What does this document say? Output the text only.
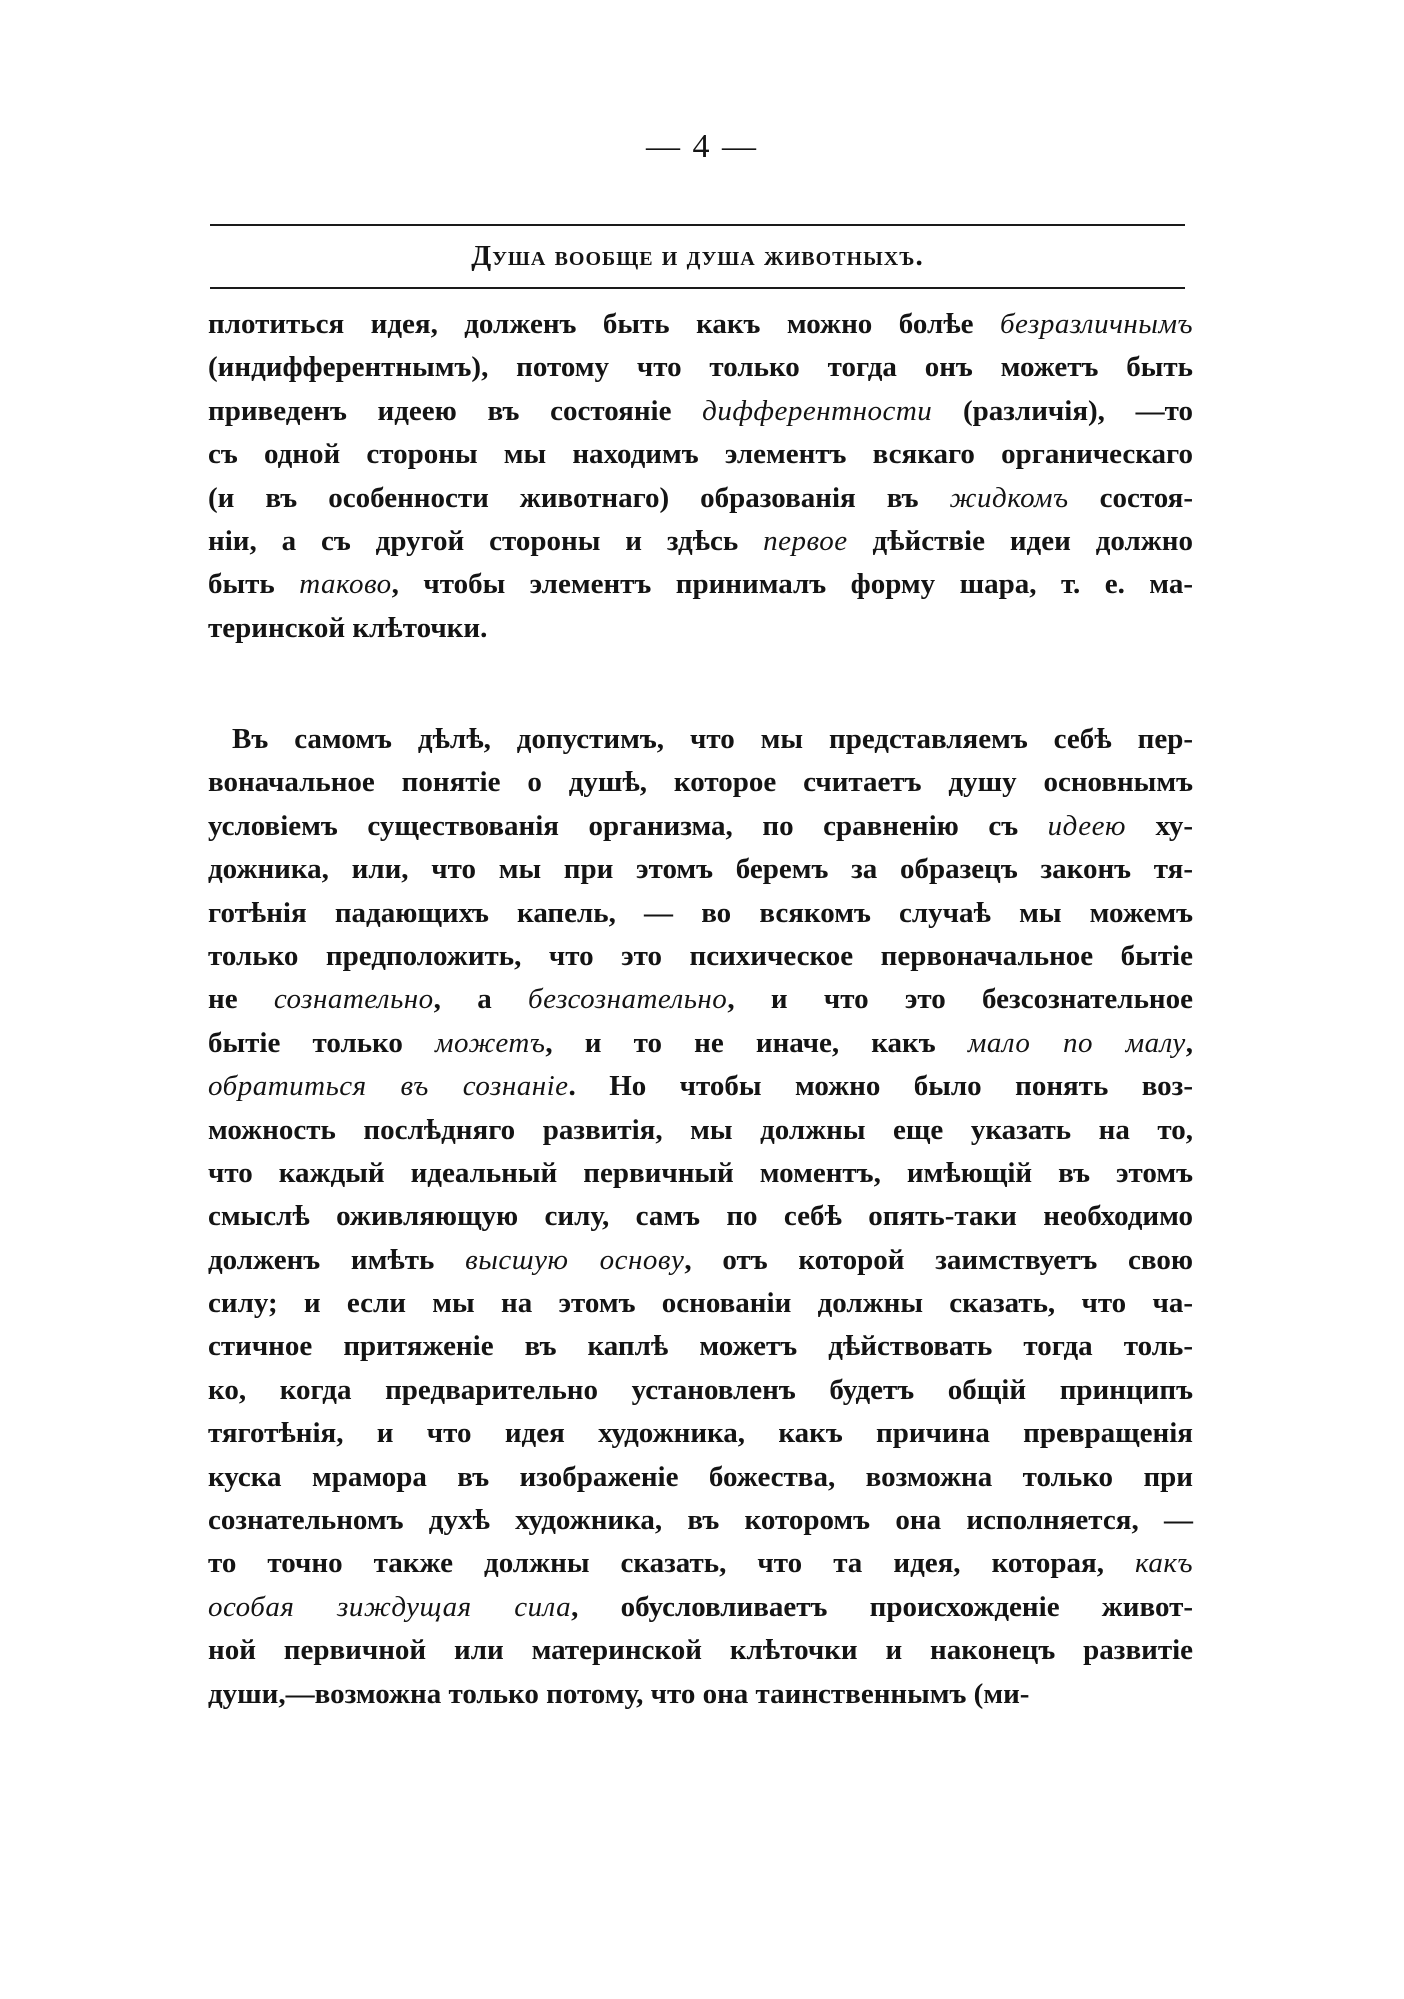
— 4 —
Душа вообще и душа животныхъ.

плотиться идея, долженъ быть какъ можно болѣе безразличнымъ
(индифферентнымъ), потому что только тогда онъ можетъ быть
приведенъ идеею въ состояніе дифферентности (различія), —то
съ одной стороны мы находимъ элементъ всякаго органическаго
(и въ особенности животнаго) образованія въ жидкомъ состоя-
ніи, а съ другой стороны и здѣсь первое дѣйствіе идеи должно
быть таково, чтобы элементъ принималъ форму шара, т. е. ма-
теринской клѣточки.

Въ самомъ дѣлѣ, допустимъ, что мы представляемъ себѣ пер-
воначальное понятіе о душѣ, которое считаетъ душу основнымъ
условіемъ существованія организма, по сравненію съ идеею ху-
дожника, или, что мы при этомъ беремъ за образецъ законъ тя-
готѣнія падающихъ капель, — во всякомъ случаѣ мы можемъ
только предположить, что это психическое первоначальное бытіе
не сознательно, а безсознательно, и что это безсознательное
бытіе только можетъ, и то не иначе, какъ мало по малу,
обратиться въ сознаніе. Но чтобы можно было понять воз-
можность послѣдняго развитія, мы должны еще указать на то,
что каждый идеальный первичный моментъ, имѣющій въ этомъ
смыслѣ оживляющую силу, самъ по себѣ опять-таки необходимо
долженъ имѣть высшую основу, отъ которой заимствуетъ свою
силу; и если мы на этомъ основаніи должны сказать, что ча-
стичное притяженіе въ каплѣ можетъ дѣйствовать тогда толь-
ко, когда предварительно установленъ будетъ общій принципъ
тяготѣнія, и что идея художника, какъ причина превращенія
куска мрамора въ изображеніе божества, возможна только при
сознательномъ духѣ художника, въ которомъ она исполняется, —
то точно также должны сказать, что та идея, которая, какъ
особая зиждущая сила, обусловливаетъ происхожденіе живот-
ной первичной или материнской клѣточки и наконецъ развитіе
души,—возможна только потому, что она таинственнымъ (ми-
